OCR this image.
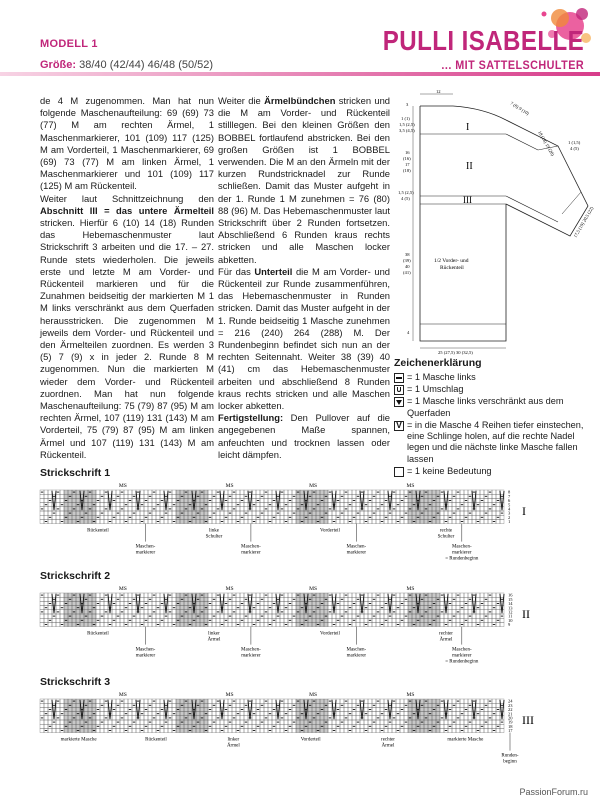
MODELL 1
Größe: 38/40 (42/44) 46/48 (50/52)
PULLI ISABELLE
... MIT SATTELSCHULTER

de 4 M zugenommen. Man hat nun folgende Maschenaufteilung: 69 (69) 73 (77) M am rechten Ärmel, 1 Maschenmarkierer, 101 (109) 117 (125) M am Vorderteil, 1 Maschenmarkierer, 69 (69) 73 (77) M am linken Ärmel, 1 Maschenmarkierer und 101 (109) 117 (125) M am Rückenteil.

Weiter laut Schnittzeichnung den Abschnitt III = das untere Ärmelteil stricken. Hierfür 6 (10) 14 (18) Runden das Hebemaschenmuster laut Strickschrift 3 arbeiten und die 17. – 27. Runde stets wiederholen. Die jeweils erste und letzte M am Vorder- und Rückenteil markieren und für die Zunahmen beidseitig der markierten M 1 M links verschränkt aus dem Querfaden herausstricken. Die zugenommen M jeweils dem Vorder- und Rückenteil und den Ärmelteilen zuordnen. Es werden 3 (5) 7 (9) x in jeder 2. Runde 8 M zugenommen. Nun die markierten M wieder dem Vorder- und Rückenteil zuordnen. Man hat nun folgende Maschenaufteilung: 75 (79) 87 (95) M am rechten Ärmel, 107 (119) 131 (143) M am Vorderteil, 75 (79) 87 (95) M am linken Ärmel und 107 (119) 131 (143) M am Rückenteil.

Weiter die Ärmelbündchen stricken und die M am Vorder- und Rückenteil stilllegen. Bei den kleinen Größen den BOBBEL fortlaufend abstricken. Bei den großen Größen ist 1 BOBBEL verwenden. Die M an den Ärmeln mit der kurzen Rundstricknadel zur Runde schließen. Damit das Muster aufgeht in der 1. Runde 1 M zunehmen = 76 (80) 88 (96) M. Das Hebemaschenmuster laut Strickschrift über 2 Runden fortsetzen. Abschließend 6 Runden kraus rechts stricken und alle Maschen locker abketten.

Für das Unterteil die M am Vorder- und Rückenteil zur Runde zusammenführen, das Hebemaschenmuster in Runden stricken. Damit das Muster aufgeht in der 1. Runde beidseitig 1 Masche zunehmen = 216 (240) 264 (288) M. Der Rundenbeginn befindet sich nun an der rechten Seitennaht. Weiter 38 (39) 40 (41) cm das Hebemaschenmuster arbeiten und abschließend 8 Runden kraus rechts stricken und alle Maschen locker abketten.

Fertigstellung: Den Pullover auf die angegebenen Maße spannen, anfeuchten und trocknen lassen oder leicht dämpfen.

12
I
II
III
1/2 Vorder- und
Rückenteil
3
1 (1)
1,5 (2,5)
3,5 (4,5)
16
(16)
17
(18)
1,5 (2,5)
4 (5)
38
(39)
40
(41)
4
7 (8) 9 (10)
18 (18) 19 (20)	1 (1,5)
4 (5)
17,5 (19) 20,5 (22)
25 (27,5) 30 (32,5)
Zeichenerklärung
= 1 Masche links
= 1 Umschlag
= 1 Masche links verschränkt aus dem Querfaden
V
= in die Masche 4 Reihen tiefer einstechen, eine Schlinge holen, auf die rechte Nadel legen und die nächste linke Masche fallen lassen
= 1 keine Bedeutung
Strickschrift 1
MS	MS	MS	MS
8
7
6
5
4
3
2
1
I
Rückenteil	linke
Schulter
Vorderteil	rechte
Schulter
Maschen-
markierer
Maschen-
markierer
Maschen-
markierer
Maschen-
markierer
= Rundenbeginn
Strickschrift 2
MS	MS	MS	MS
16
15
14
13
12
11
10
9
II
Rückenteil	linker
Ärmel
Vorderteil	rechter
Ärmel
Maschen-
markierer
Maschen-
markierer
Maschen-
markierer
Maschen-
markierer
= Rundenbeginn
Strickschrift 3
MS	MS	MS	MS
24
23
22
21
20
19
18
17
III
markierte Masche	Rückenteil	linker
Ärmel
Vorderteil	rechter
Ärmel
markierte Masche
Runden-
beginn
PassionForum.ru
